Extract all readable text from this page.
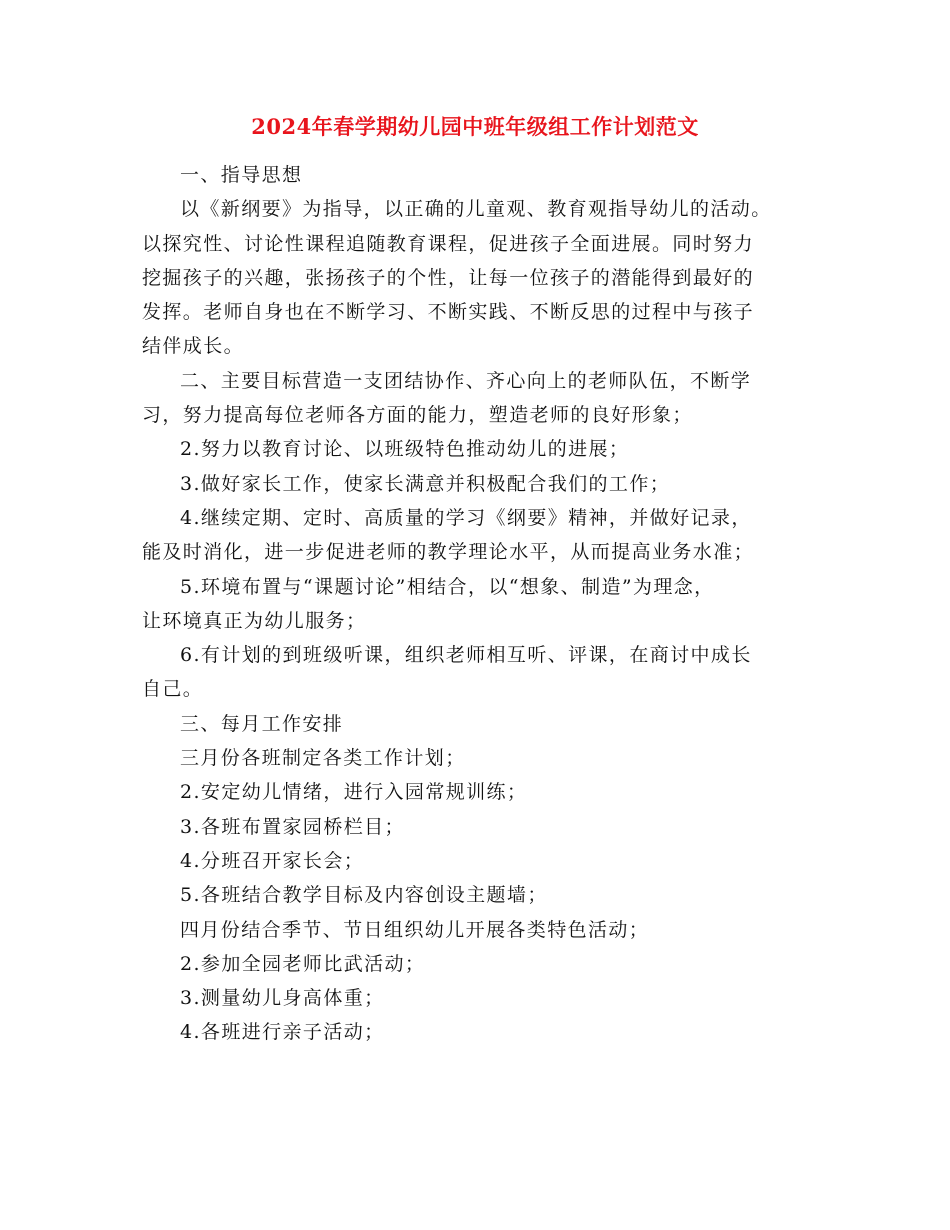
2024年春学期幼儿园中班年级组工作计划范文

一、指导思想

以《新纲要》为指导，以正确的儿童观、教育观指导幼儿的活动。
以探究性、讨论性课程追随教育课程，促进孩子全面进展。同时努力
挖掘孩子的兴趣，张扬孩子的个性，让每一位孩子的潜能得到最好的
发挥。老师自身也在不断学习、不断实践、不断反思的过程中与孩子
结伴成长。

二、主要目标营造一支团结协作、齐心向上的老师队伍，不断学
习，努力提高每位老师各方面的能力，塑造老师的良好形象；

2.努力以教育讨论、以班级特色推动幼儿的进展；

3.做好家长工作，使家长满意并积极配合我们的工作；

4.继续定期、定时、高质量的学习《纲要》精神，并做好记录，
能及时消化，进一步促进老师的教学理论水平，从而提高业务水准；

5.环境布置与“课题讨论”相结合，以“想象、制造”为理念，
让环境真正为幼儿服务；

6.有计划的到班级听课，组织老师相互听、评课，在商讨中成长
自己。

三、每月工作安排

三月份各班制定各类工作计划；

2.安定幼儿情绪，进行入园常规训练；

3.各班布置家园桥栏目；

4.分班召开家长会；

5.各班结合教学目标及内容创设主题墙；

四月份结合季节、节日组织幼儿开展各类特色活动；

2.参加全园老师比武活动；

3.测量幼儿身高体重；

4.各班进行亲子活动；
